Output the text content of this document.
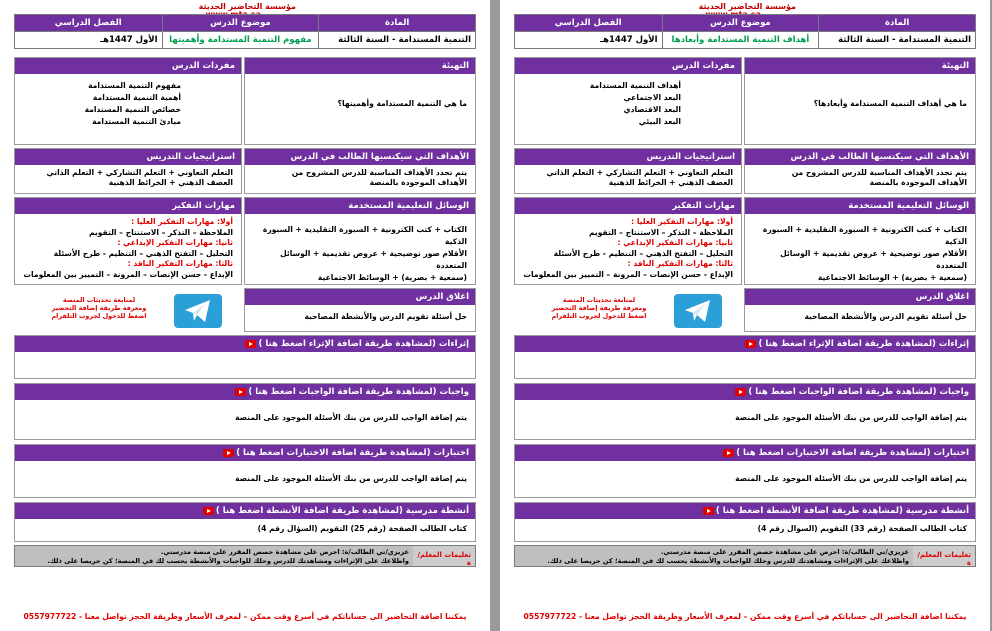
مؤسسة التحاضير الحديثة
المادة	موضوع الدرس	الفصل الدراسي
التنمية المستدامة - السنة الثالثة	مفهوم التنمية المستدامة وأهميتها	الأول 1447هـ
التهيئة
ما هي التنمية المستدامة وأهميتها؟
مفردات الدرس
مفهوم التنمية المستدامة
أهمية التنمية المستدامة
خصائص التنمية المستدامة
مبادئ التنمية المستدامة
الأهداف التي سيكتسبها الطالب في الدرس
يتم تحدد الأهداف المناسبة للدرس المشروح من الأهداف الموجودة بالمنصة
استراتيجيات التدريس
التعلم التعاوني + التعلم التشاركي + التعلم الذاتي
العصف الذهني + الخرائط الذهنية
الوسائل التعليمية المستخدمة
الكتاب + كتب الكترونية + السبورة التقليدية + السبورة الذكية
الأقلام صور توضيحية + عروض تقديمية + الوسائل المتعددة
(سمعية + بصرية) + الوسائط الاجتماعية
مهارات التفكير
أولا: مهارات التفكير العليا :
الملاحظة – التذكر – الاستنتاج – التقويم
ثانيا: مهارات التفكير الإبداعي :
التحليل – التفتح الذهني – التنظيم - طرح الأسئلة
ثالثا: مهارات التفكير الناقد :
الإبداع - حسن الإنصات – المرونة – التمييز بين المعلومات
اغلاق الدرس
حل أسئلة تقويم الدرس والأنشطة المصاحبة
لمتابعة تحديثات المنصة
ومعرفة طريقة إضافة التحضير
اضغط للدخول لجروب التلقرام
إثراءات (لمشاهدة طريقة اضافة الإثراء اضغط هنا )
واجبات (لمشاهدة طريقة اضافة الواجبات اضغط هنا )
يتم إضافة الواجب للدرس من بنك الأسئلة الموجود على المنصة
اختبارات (لمشاهدة طريقة اضافة الاختبارات اضغط هنا )
يتم إضافة الواجب للدرس من بنك الأسئلة الموجود على المنصة
أنشطة مدرسية (لمشاهدة طريقة اضافة الأنشطة اضغط هنا )
كتاب الطالب الصفحة (رقم 25) التقويم (السؤال رقم 4)
تعليمات المعلم/ة
عزيزي/تي الطالب/ة: احرص على مشاهدة حصص المقرر على منصة مدرستي.
واطلاعك على الإثراءات ومشاهدتك للدرس وحلك للواجبات والأنشطة يحسب لك في المنصة؛ كن حريصا على ذلك.
يمكننا اضافة التحاضير الى حساباتكم في أسرع وقت ممكن – لمعرف الأسعار وطريقة الحجز تواصل معنا - 0557977722
مؤسسة التحاضير الحديثة
المادة	موضوع الدرس	الفصل الدراسي
التنمية المستدامة - السنة الثالثة	أهداف التنمية المستدامة وأبعادها	الأول 1447هـ
التهيئة
ما هي أهداف التنمية المستدامة وأبعادها؟
مفردات الدرس
أهداف التنمية المستدامة
البعد الاجتماعي
البعد الاقتصادي
البعد البيئي
الأهداف التي سيكتسبها الطالب في الدرس
يتم تحدد الأهداف المناسبة للدرس المشروح من الأهداف الموجودة بالمنصة
استراتيجيات التدريس
التعلم التعاوني + التعلم التشاركي + التعلم الذاتي
العصف الذهني + الخرائط الذهنية
الوسائل التعليمية المستخدمة
الكتاب + كتب الكترونية + السبورة التقليدية + السبورة الذكية
الأقلام صور توضيحية + عروض تقديمية + الوسائل المتعددة
(سمعية + بصرية) + الوسائط الاجتماعية
مهارات التفكير
أولا: مهارات التفكير العليا :
الملاحظة – التذكر – الاستنتاج – التقويم
ثانيا: مهارات التفكير الإبداعي :
التحليل – التفتح الذهني – التنظيم - طرح الأسئلة
ثالثا: مهارات التفكير الناقد :
الإبداع - حسن الإنصات – المرونة – التمييز بين المعلومات
اغلاق الدرس
حل أسئلة تقويم الدرس والأنشطة المصاحبة
لمتابعة تحديثات المنصة
ومعرفة طريقة إضافة التحضير
اضغط للدخول لجروب التلقرام
إثراءات (لمشاهدة طريقة اضافة الإثراء اضغط هنا )
واجبات (لمشاهدة طريقة اضافة الواجبات اضغط هنا )
يتم إضافة الواجب للدرس من بنك الأسئلة الموجود على المنصة
اختبارات (لمشاهدة طريقة اضافة الاختبارات اضغط هنا )
يتم إضافة الواجب للدرس من بنك الأسئلة الموجود على المنصة
أنشطة مدرسية (لمشاهدة طريقة اضافة الأنشطة اضغط هنا )
كتاب الطالب الصفحة (رقم 33) التقويم (السوال رقم 4)
تعليمات المعلم/ة
عزيزي/تي الطالب/ة: احرص على مشاهدة حصص المقرر على منصة مدرستي.
واطلاعك على الإثراءات ومشاهدتك للدرس وحلك للواجبات والأنشطة يحسب لك في المنصة؛ كن حريصا على ذلك.
يمكننا اضافة التحاضير الى حساباتكم في أسرع وقت ممكن – لمعرف الأسعار وطريقة الحجز تواصل معنا - 0557977722
